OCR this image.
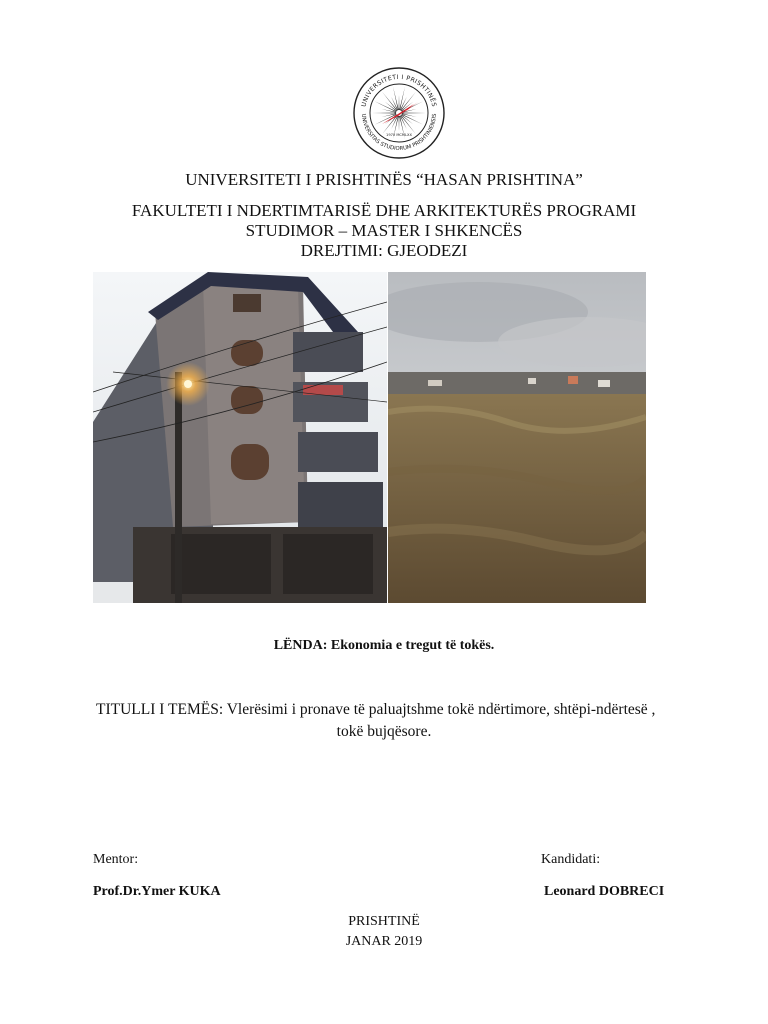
UNIVERSITETI I PRISHTINËS
UNIVERSITAS STUDIORUM PRISHTINIENSIS
1970 MCMLXX
UNIVERSITETI I PRISHTINËS “HASAN PRISHTINA”
FAKULTETI I NDERTIMTARISË DHE ARKITEKTURËS PROGRAMI
STUDIMOR – MASTER I SHKENCËS
DREJTIMI: GJEODEZI
LËNDA: Ekonomia e tregut të tokës.
TITULLI I TEMËS: Vlerësimi i pronave të paluajtshme tokë ndërtimore, shtëpi-ndërtesë ,
tokë bujqësore.
Mentor:	Kandidati:
Prof.Dr.Ymer KUKA	Leonard DOBRECI
PRISHTINË
JANAR 2019
